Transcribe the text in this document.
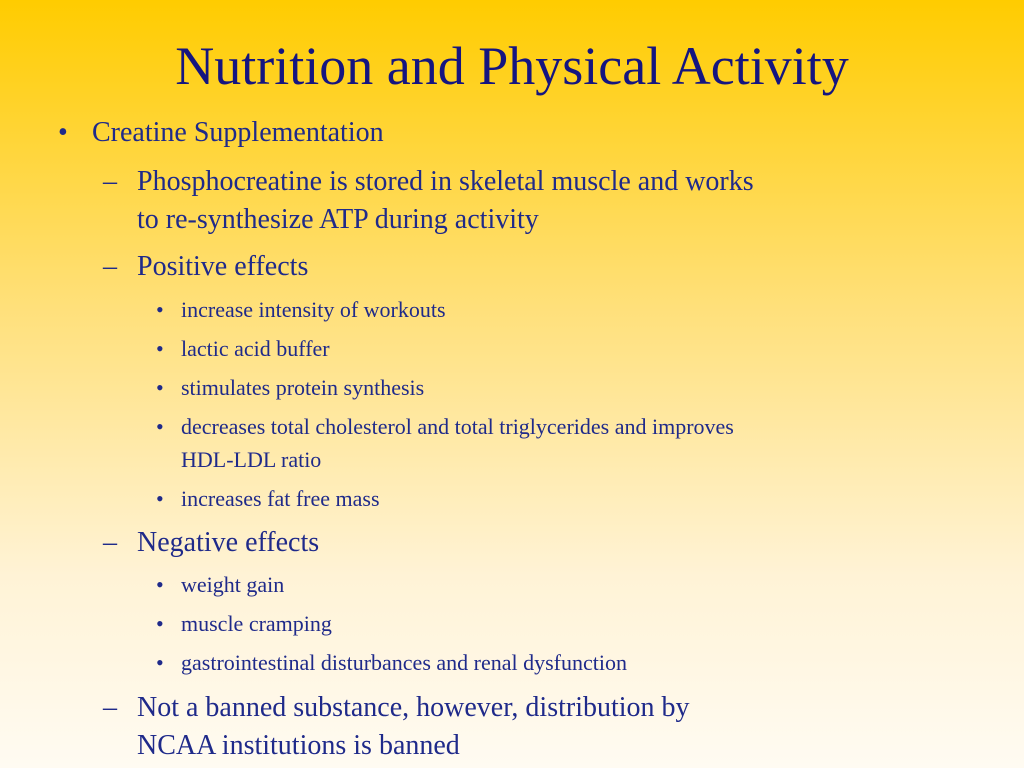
Nutrition and Physical Activity
• Creatine Supplementation
– Phosphocreatine is stored in skeletal muscle and works
to re-synthesize ATP during activity
– Positive effects
• increase intensity of workouts
• lactic acid buffer
• stimulates protein synthesis
• decreases total cholesterol and total triglycerides and improves
HDL-LDL ratio
• increases fat free mass
– Negative effects
• weight gain
• muscle cramping
• gastrointestinal disturbances and renal dysfunction
– Not a banned substance, however, distribution by
NCAA institutions is banned
